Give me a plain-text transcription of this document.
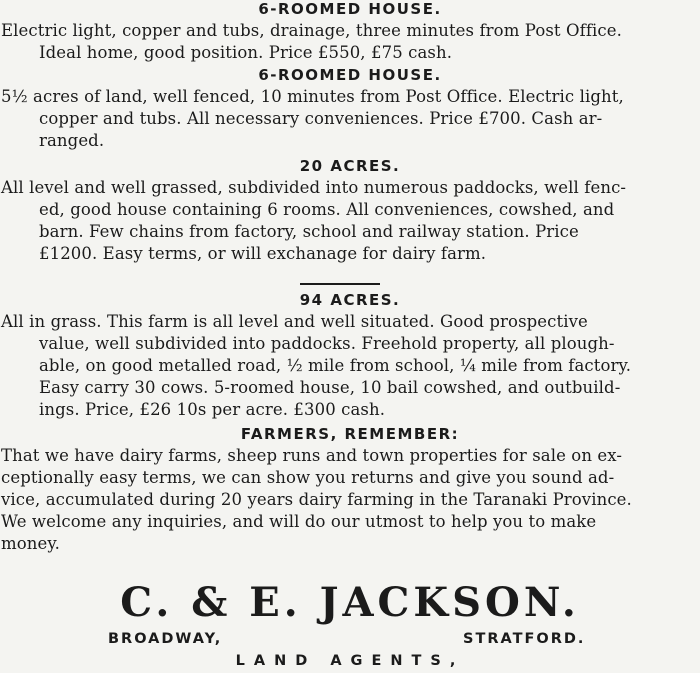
6-ROOMED HOUSE.
Electric light, copper and tubs, drainage, three minutes from Post Office.
Ideal home, good position. Price £550, £75 cash.
6-ROOMED HOUSE.
5½ acres of land, well fenced, 10 minutes from Post Office. Electric light,
copper and tubs. All necessary conveniences. Price £700. Cash ar-
ranged.
20 ACRES.
All level and well grassed, subdivided into numerous paddocks, well fenc-
ed, good house containing 6 rooms. All conveniences, cowshed, and
barn. Few chains from factory, school and railway station. Price
£1200. Easy terms, or will exchanage for dairy farm.
94 ACRES.
All in grass. This farm is all level and well situated. Good prospective
value, well subdivided into paddocks. Freehold property, all plough-
able, on good metalled road, ½ mile from school, ¼ mile from factory.
Easy carry 30 cows. 5-roomed house, 10 bail cowshed, and outbuild-
ings. Price, £26 10s per acre. £300 cash.
FARMERS, REMEMBER:
That we have dairy farms, sheep runs and town properties for sale on ex-
ceptionally easy terms, we can show you returns and give you sound ad-
vice, accumulated during 20 years dairy farming in the Taranaki Province.
We welcome any inquiries, and will do our utmost to help you to make
money.
C. & E. JACKSON.
BROADWAY,	STRATFORD.
LAND AGENTS,
